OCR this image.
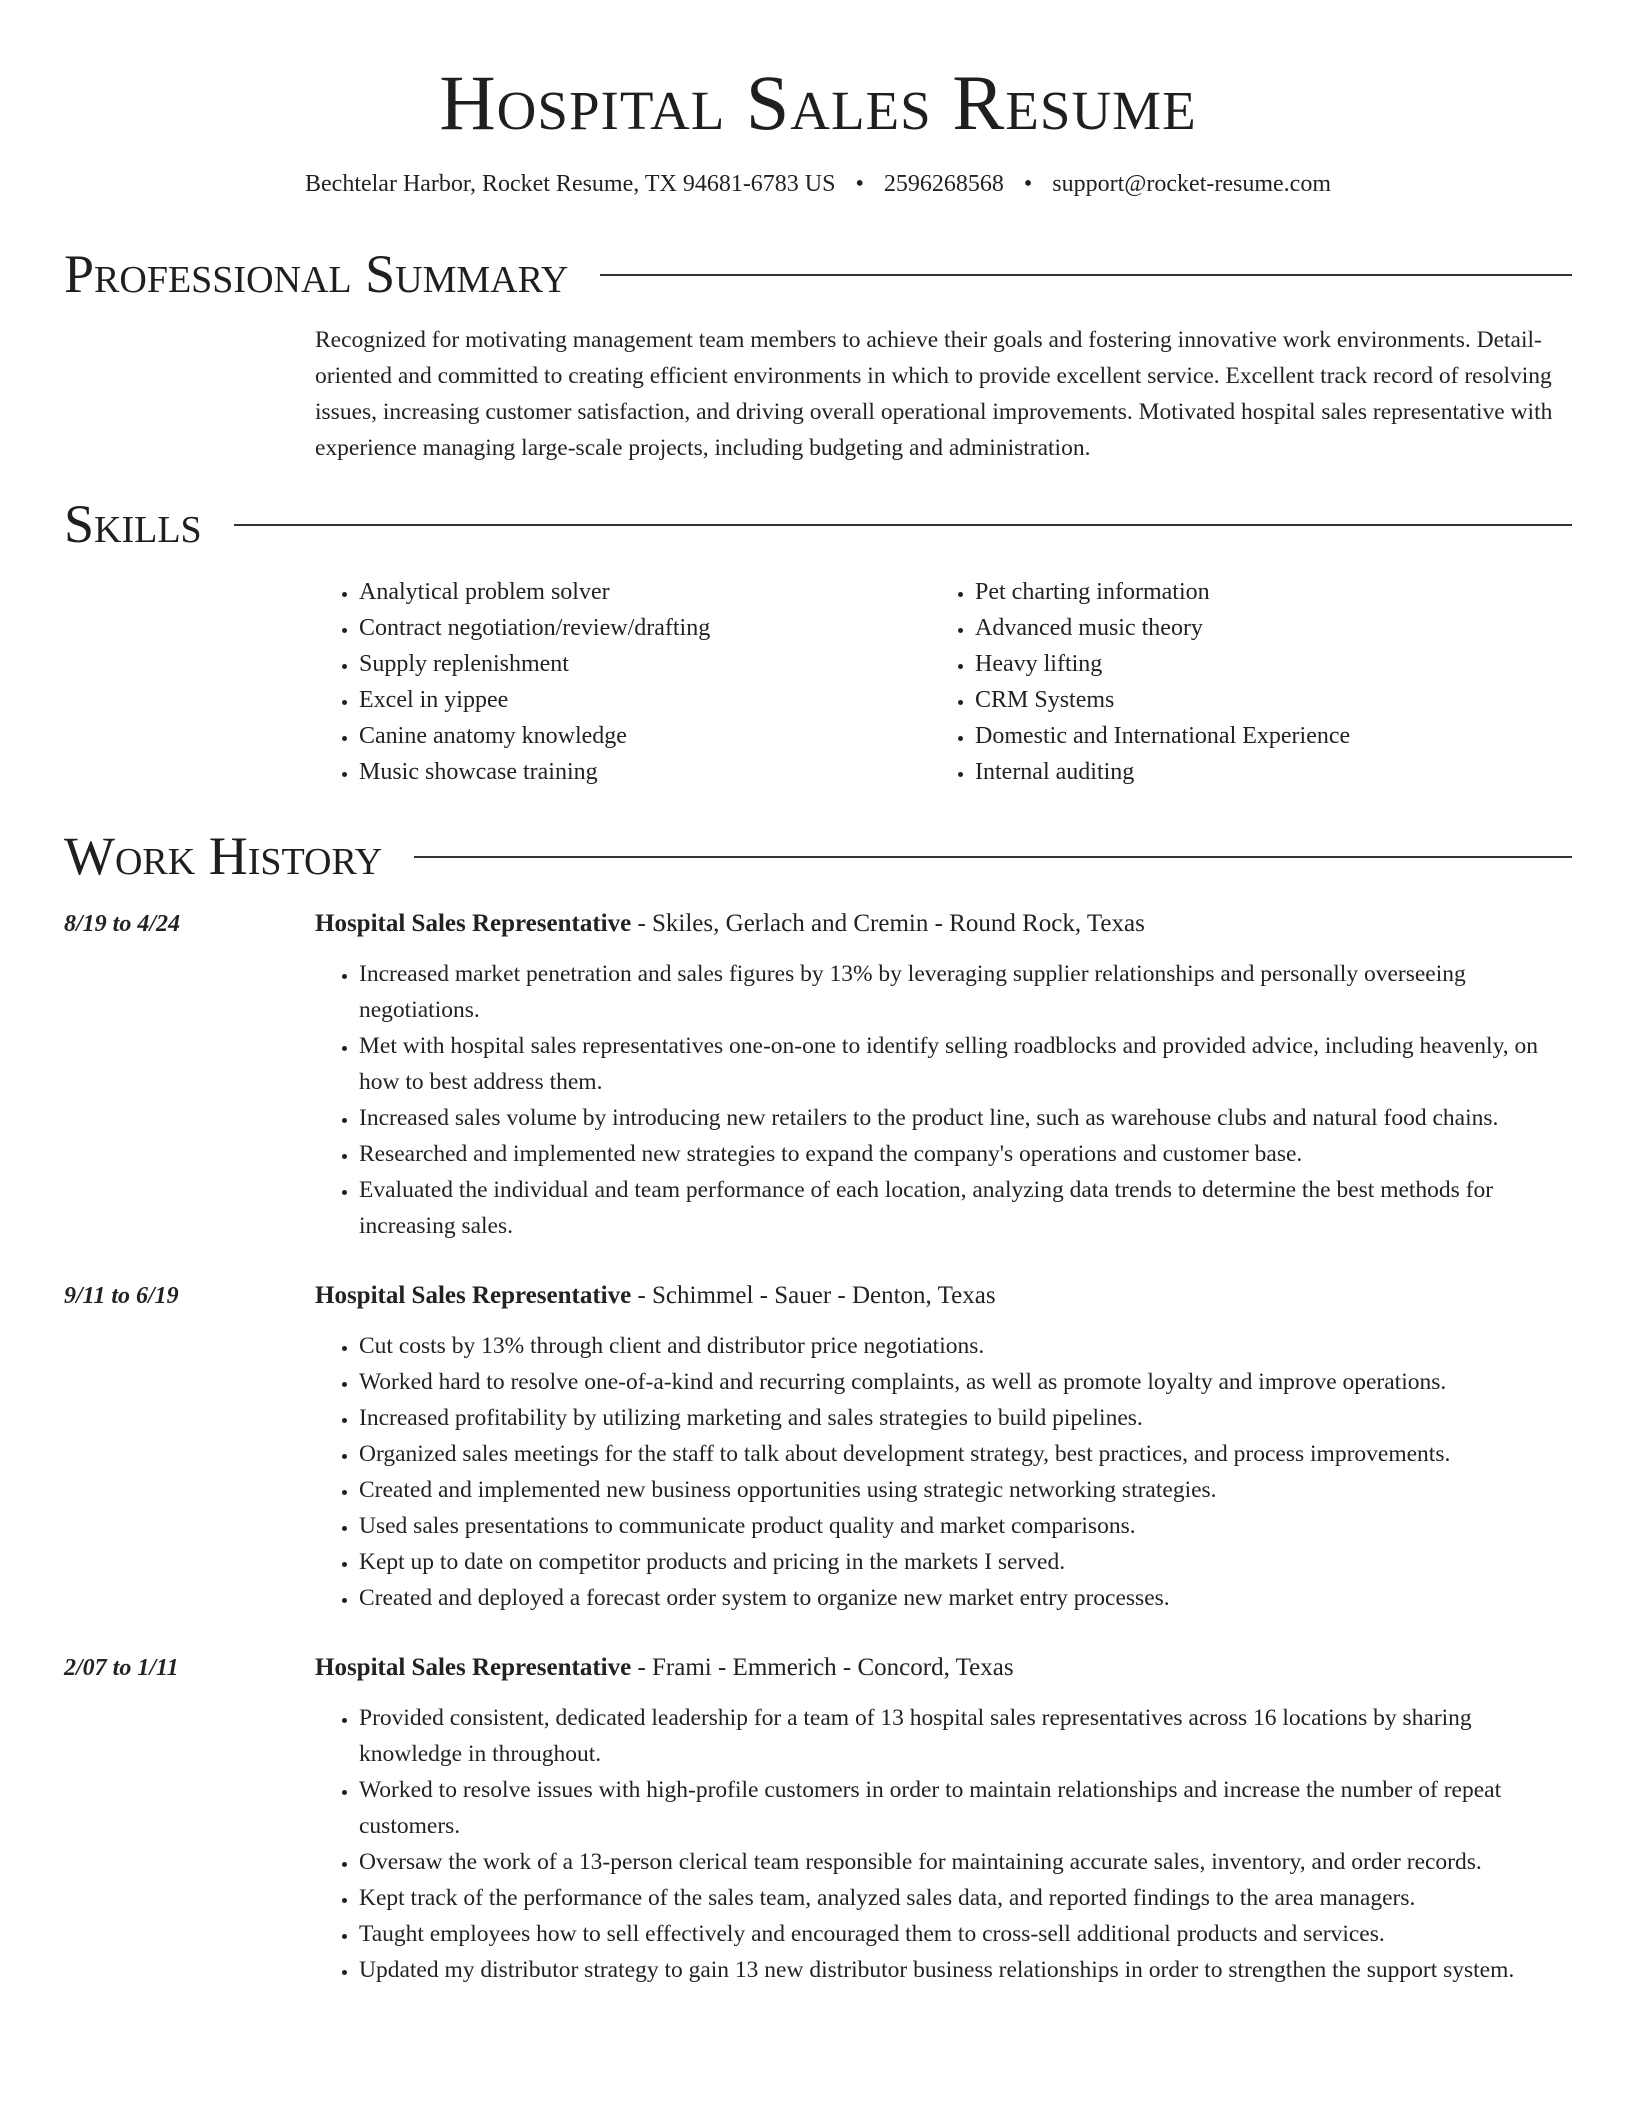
Hospital Sales Resume
Bechtelar Harbor, Rocket Resume, TX 94681-6783 US • 2596268568 • support@rocket-resume.com
Professional Summary
Recognized for motivating management team members to achieve their goals and fostering innovative work environments. Detail-oriented and committed to creating efficient environments in which to provide excellent service. Excellent track record of resolving issues, increasing customer satisfaction, and driving overall operational improvements. Motivated hospital sales representative with experience managing large-scale projects, including budgeting and administration.
Skills
• Analytical problem solver
• Contract negotiation/review/drafting
• Supply replenishment
• Excel in yippee
• Canine anatomy knowledge
• Music showcase training
• Pet charting information
• Advanced music theory
• Heavy lifting
• CRM Systems
• Domestic and International Experience
• Internal auditing
Work History
8/19 to 4/24	Hospital Sales Representative - Skiles, Gerlach and Cremin - Round Rock, Texas
• Increased market penetration and sales figures by 13% by leveraging supplier relationships and personally overseeing negotiations.
• Met with hospital sales representatives one-on-one to identify selling roadblocks and provided advice, including heavenly, on how to best address them.
• Increased sales volume by introducing new retailers to the product line, such as warehouse clubs and natural food chains.
• Researched and implemented new strategies to expand the company's operations and customer base.
• Evaluated the individual and team performance of each location, analyzing data trends to determine the best methods for increasing sales.
9/11 to 6/19	Hospital Sales Representative - Schimmel - Sauer - Denton, Texas
• Cut costs by 13% through client and distributor price negotiations.
• Worked hard to resolve one-of-a-kind and recurring complaints, as well as promote loyalty and improve operations.
• Increased profitability by utilizing marketing and sales strategies to build pipelines.
• Organized sales meetings for the staff to talk about development strategy, best practices, and process improvements.
• Created and implemented new business opportunities using strategic networking strategies.
• Used sales presentations to communicate product quality and market comparisons.
• Kept up to date on competitor products and pricing in the markets I served.
• Created and deployed a forecast order system to organize new market entry processes.
2/07 to 1/11	Hospital Sales Representative - Frami - Emmerich - Concord, Texas
• Provided consistent, dedicated leadership for a team of 13 hospital sales representatives across 16 locations by sharing knowledge in throughout.
• Worked to resolve issues with high-profile customers in order to maintain relationships and increase the number of repeat customers.
• Oversaw the work of a 13-person clerical team responsible for maintaining accurate sales, inventory, and order records.
• Kept track of the performance of the sales team, analyzed sales data, and reported findings to the area managers.
• Taught employees how to sell effectively and encouraged them to cross-sell additional products and services.
• Updated my distributor strategy to gain 13 new distributor business relationships in order to strengthen the support system.
